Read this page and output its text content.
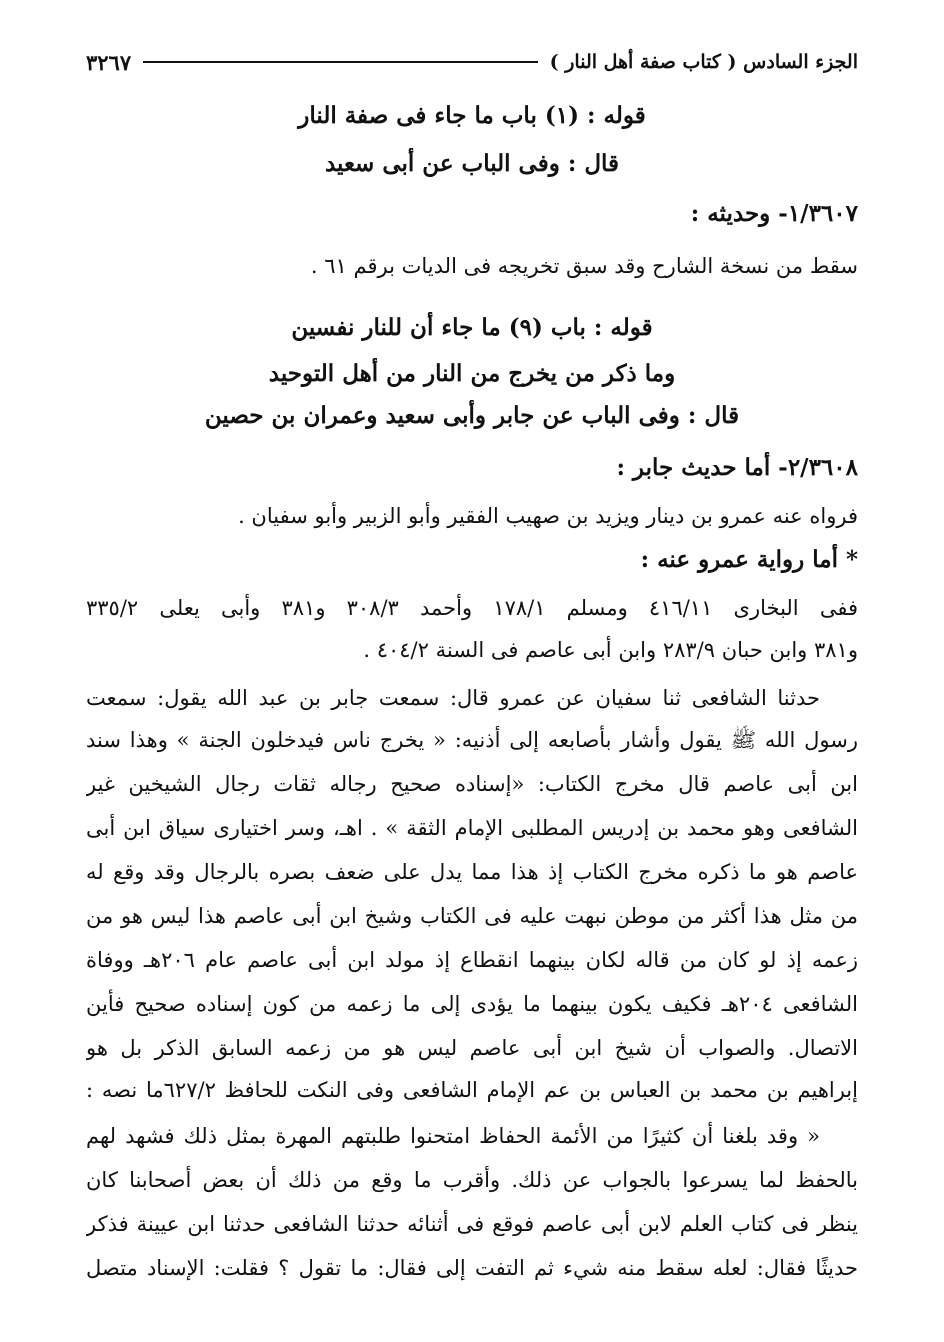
الجزء السادس ( كتاب صفة أهل النار )
٣٢٦٧
قوله : (١) باب ما جاء فى صفة النار
قال : وفى الباب عن أبى سعيد
١/٣٦٠٧- وحديثه :
سقط من نسخة الشارح وقد سبق تخريجه فى الديات برقم ٦١ .
قوله : باب (٩) ما جاء أن للنار نفسين
وما ذكر من يخرج من النار من أهل التوحيد
قال : وفى الباب عن جابر وأبى سعيد وعمران بن حصين
٢/٣٦٠٨- أما حديث جابر :
فرواه عنه عمرو بن دينار ويزيد بن صهيب الفقير وأبو الزبير وأبو سفيان .
* أما رواية عمرو عنه :
ففى البخارى ٤١٦/١١ ومسلم ١٧٨/١ وأحمد ٣٠٨/٣ و٣٨١ وأبى يعلى ٣٣٥/٢
و٣٨١ وابن حبان ٢٨٣/٩ وابن أبى عاصم فى السنة ٤٠٤/٢ .
حدثنا الشافعى ثنا سفيان عن عمرو قال: سمعت جابر بن عبد الله يقول: سمعت
رسول الله ﷺ يقول وأشار بأصابعه إلى أذنيه: « يخرج ناس فيدخلون الجنة » وهذا سند
ابن أبى عاصم قال مخرج الكتاب: «إسناده صحيح رجاله ثقات رجال الشيخين غير
الشافعى وهو محمد بن إدريس المطلبى الإمام الثقة » . اهـ، وسر اختيارى سياق ابن أبى
عاصم هو ما ذكره مخرج الكتاب إذ هذا مما يدل على ضعف بصره بالرجال وقد وقع له
من مثل هذا أكثر من موطن نبهت عليه فى الكتاب وشيخ ابن أبى عاصم هذا ليس هو من
زعمه إذ لو كان من قاله لكان بينهما انقطاع إذ مولد ابن أبى عاصم عام ٢٠٦هـ ووفاة
الشافعى ٢٠٤هـ فكيف يكون بينهما ما يؤدى إلى ما زعمه من كون إسناده صحيح فأين
الاتصال. والصواب أن شيخ ابن أبى عاصم ليس هو من زعمه السابق الذكر بل هو
إبراهيم بن محمد بن العباس بن عم الإمام الشافعى وفى النكت للحافظ ٦٢٧/٢ما نصه :
« وقد بلغنا أن كثيرًا من الأئمة الحفاظ امتحنوا طلبتهم المهرة بمثل ذلك فشهد لهم
بالحفظ لما يسرعوا بالجواب عن ذلك. وأقرب ما وقع من ذلك أن بعض أصحابنا كان
ينظر فى كتاب العلم لابن أبى عاصم فوقع فى أثنائه حدثنا الشافعى حدثنا ابن عيينة فذكر
حديثًا فقال: لعله سقط منه شيء ثم التفت إلى فقال: ما تقول ؟ فقلت: الإسناد متصل
